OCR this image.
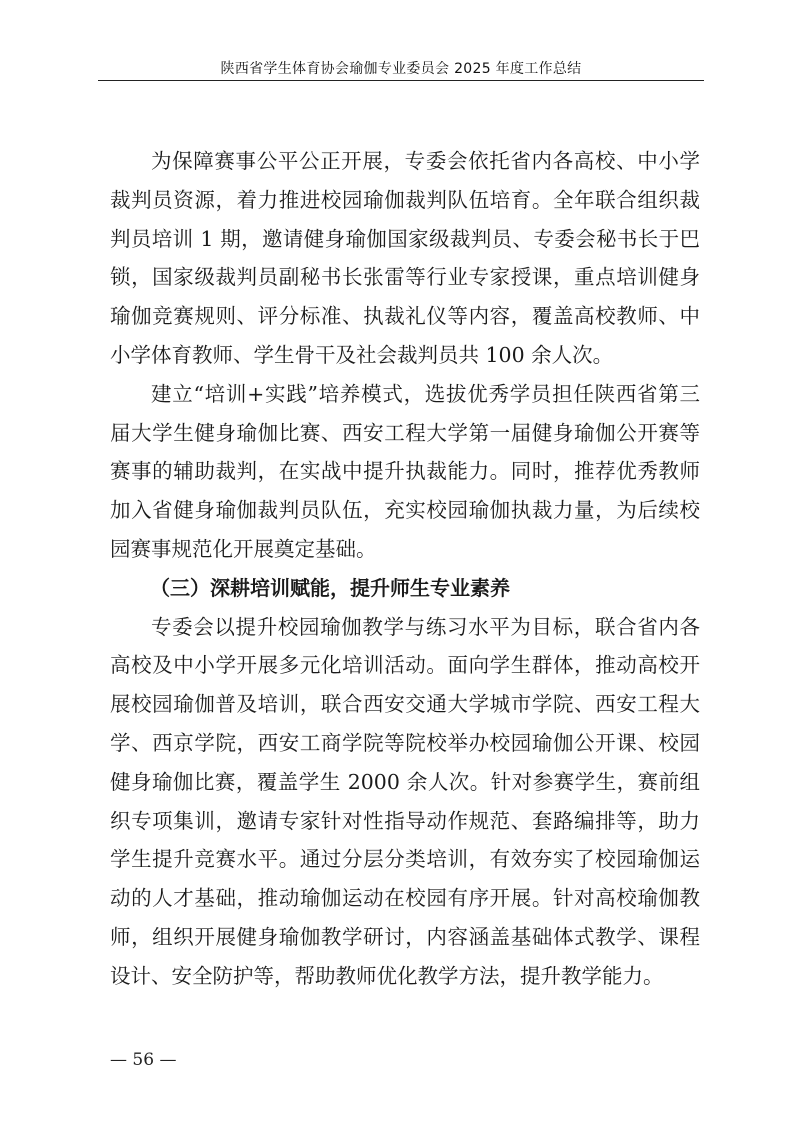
陕西省学生体育协会瑜伽专业委员会 2025 年度工作总结

为保障赛事公平公正开展，专委会依托省内各高校、中小学裁判员资源，着力推进校园瑜伽裁判队伍培育。全年联合组织裁判员培训 1 期，邀请健身瑜伽国家级裁判员、专委会秘书长于巴锁，国家级裁判员副秘书长张雷等行业专家授课，重点培训健身瑜伽竞赛规则、评分标准、执裁礼仪等内容，覆盖高校教师、中小学体育教师、学生骨干及社会裁判员共 100 余人次。

建立“培训+实践”培养模式，选拔优秀学员担任陕西省第三届大学生健身瑜伽比赛、西安工程大学第一届健身瑜伽公开赛等赛事的辅助裁判，在实战中提升执裁能力。同时，推荐优秀教师加入省健身瑜伽裁判员队伍，充实校园瑜伽执裁力量，为后续校园赛事规范化开展奠定基础。

（三）深耕培训赋能，提升师生专业素养

专委会以提升校园瑜伽教学与练习水平为目标，联合省内各高校及中小学开展多元化培训活动。面向学生群体，推动高校开展校园瑜伽普及培训，联合西安交通大学城市学院、西安工程大学、西京学院，西安工商学院等院校举办校园瑜伽公开课、校园健身瑜伽比赛，覆盖学生 2000 余人次。针对参赛学生，赛前组织专项集训，邀请专家针对性指导动作规范、套路编排等，助力学生提升竞赛水平。通过分层分类培训，有效夯实了校园瑜伽运动的人才基础，推动瑜伽运动在校园有序开展。针对高校瑜伽教师，组织开展健身瑜伽教学研讨，内容涵盖基础体式教学、课程设计、安全防护等，帮助教师优化教学方法，提升教学能力。

— 56 —
